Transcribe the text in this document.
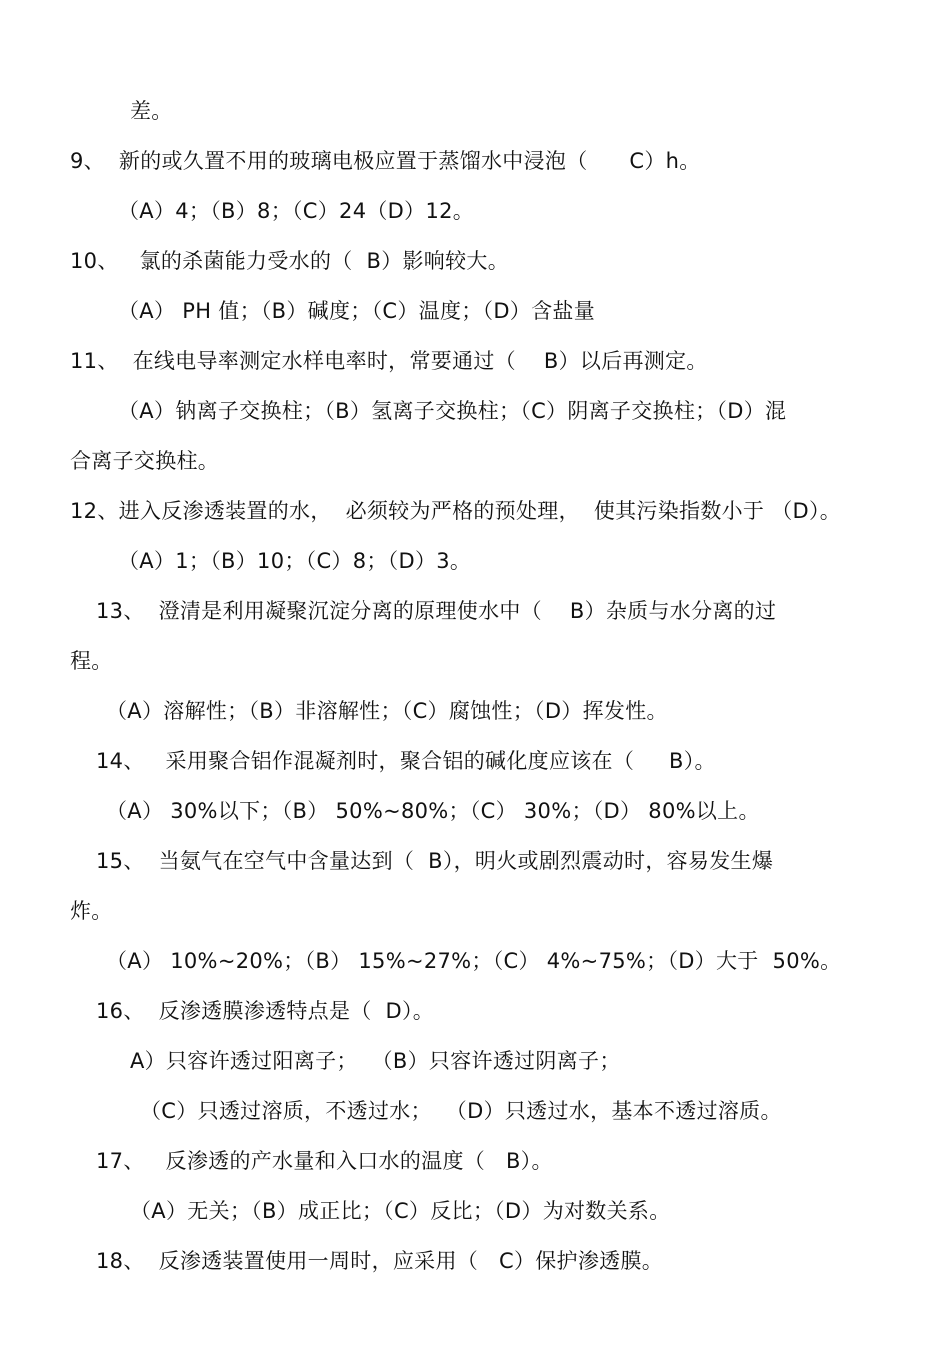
差。
9、  新的或久置不用的玻璃电极应置于蒸馏水中浸泡（      C）h。
（A）4；（B）8；（C）24（D）12。
10、   氯的杀菌能力受水的（  B）影响较大。
（A） PH 值；（B）碱度；（C）温度；（D）含盐量
11、  在线电导率测定水样电率时，常要通过（    B）以后再测定。
（A）钠离子交换柱；（B）氢离子交换柱；（C）阴离子交换柱；（D）混
合离子交换柱。
12、进入反渗透装置的水，  必须较为严格的预处理，  使其污染指数小于 （D）。
（A）1；（B）10；（C）8；（D）3。
13、  澄清是利用凝聚沉淀分离的原理使水中（    B）杂质与水分离的过
程。
（A）溶解性；（B）非溶解性；（C）腐蚀性；（D）挥发性。
14、   采用聚合铝作混凝剂时，聚合铝的碱化度应该在（     B）。
（A） 30%以下；（B） 50%~80%；（C） 30%；（D） 80%以上。
15、  当氨气在空气中含量达到（  B），明火或剧烈震动时，容易发生爆
炸。
（A） 10%~20%；（B） 15%~27%；（C） 4%~75%；（D）大于  50%。
16、  反渗透膜渗透特点是（  D）。
A）只容许透过阳离子；  （B）只容许透过阴离子；
（C）只透过溶质，不透过水；  （D）只透过水，基本不透过溶质。
17、   反渗透的产水量和入口水的温度（   B）。
（A）无关；（B）成正比；（C）反比；（D）为对数关系。
18、  反渗透装置使用一周时，应采用（   C）保护渗透膜。
